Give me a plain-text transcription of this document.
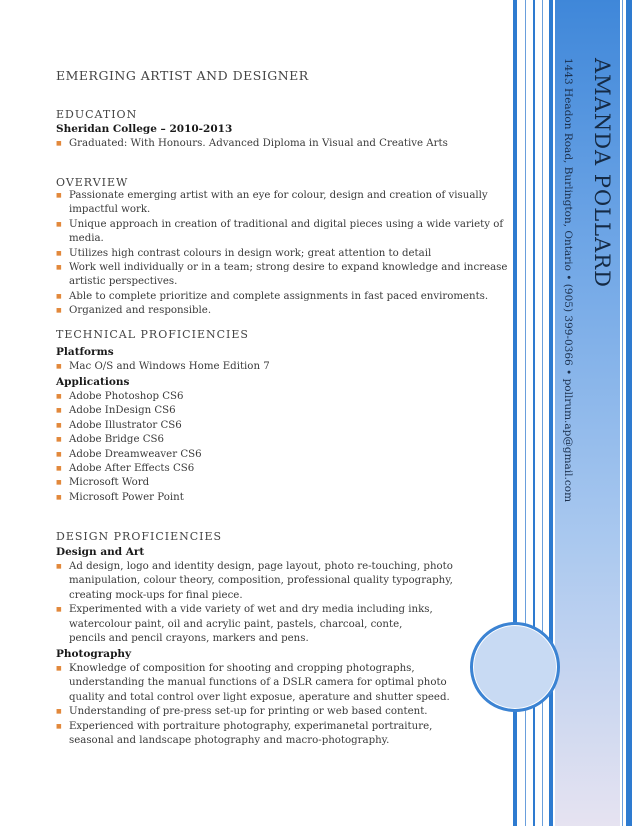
AMANDA POLLARD
1443 Headon Road, Burlington, Ontario • (905) 399-0366 • pollrum.ap@gmail.com
EMERGING ARTIST AND DESIGNER
EDUCATION
Sheridan College – 2010-2013
■ Graduated: With Honours. Advanced Diploma in Visual and Creative Arts
OVERVIEW
■ Passionate emerging artist with an eye for colour, design and creation of visually impactful work.
■ Unique approach in creation of traditional and digital pieces using a wide variety of media.
■ Utilizes high contrast colours in design work; great attention to detail
■ Work well individually or in a team; strong desire to expand knowledge and increase artistic perspectives.
■ Able to complete prioritize and complete assignments in fast paced enviroments.
■ Organized and responsible.
TECHNICAL PROFICIENCIES
Platforms
■ Mac O/S and Windows Home Edition 7
Applications
■ Adobe Photoshop CS6
■ Adobe InDesign CS6
■ Adobe Illustrator CS6
■ Adobe Bridge CS6
■ Adobe Dreamweaver CS6
■ Adobe After Effects CS6
■ Microsoft Word
■ Microsoft Power Point
DESIGN PROFICIENCIES
Design and Art
■ Ad design, logo and identity design, page layout, photo re-touching, photo manipulation, colour theory, composition, professional quality typography, creating mock-ups for final piece.
■ Experimented with a vide variety of wet and dry media including inks, watercolour paint, oil and acrylic paint, pastels, charcoal, conte, pencils and pencil crayons, markers and pens.
Photography
■ Knowledge of composition for shooting and cropping photographs, understanding the manual functions of a DSLR camera for optimal photo quality and total control over light exposue, aperature and shutter speed.
■ Understanding of pre-press set-up for printing or web based content.
■ Experienced with portraiture photography, experimanetal portraiture, seasonal and landscape photography and macro-photography.
